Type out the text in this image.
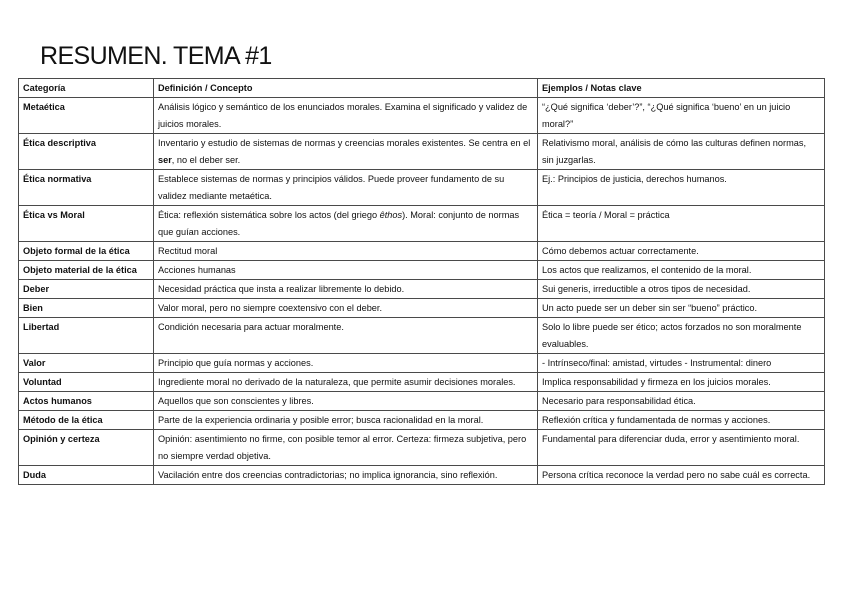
RESUMEN. TEMA #1
Categoría	Definición / Concepto	Ejemplos / Notas clave
Metaética	Análisis lógico y semántico de los enunciados morales. Examina el significado y validez de juicios morales.	“¿Qué significa ‘deber’?”, “¿Qué significa ‘bueno’ en un juicio moral?”
Ética descriptiva	Inventario y estudio de sistemas de normas y creencias morales existentes. Se centra en el ser, no el deber ser.	Relativismo moral, análisis de cómo las culturas definen normas, sin juzgarlas.
Ética normativa	Establece sistemas de normas y principios válidos. Puede proveer fundamento de su validez mediante metaética.	Ej.: Principios de justicia, derechos humanos.
Ética vs Moral	Ética: reflexión sistemática sobre los actos (del griego êthos). Moral: conjunto de normas que guían acciones.	Ética = teoría / Moral = práctica
Objeto formal de la ética	Rectitud moral	Cómo debemos actuar correctamente.
Objeto material de la ética	Acciones humanas	Los actos que realizamos, el contenido de la moral.
Deber	Necesidad práctica que insta a realizar libremente lo debido.	Sui generis, irreductible a otros tipos de necesidad.
Bien	Valor moral, pero no siempre coextensivo con el deber.	Un acto puede ser un deber sin ser “bueno” práctico.
Libertad	Condición necesaria para actuar moralmente.	Solo lo libre puede ser ético; actos forzados no son moralmente evaluables.
Valor	Principio que guía normas y acciones.	- Intrínseco/final: amistad, virtudes - Instrumental: dinero
Voluntad	Ingrediente moral no derivado de la naturaleza, que permite asumir decisiones morales.	Implica responsabilidad y firmeza en los juicios morales.
Actos humanos	Aquellos que son conscientes y libres.	Necesario para responsabilidad ética.
Método de la ética	Parte de la experiencia ordinaria y posible error; busca racionalidad en la moral.	Reflexión crítica y fundamentada de normas y acciones.
Opinión y certeza	Opinión: asentimiento no firme, con posible temor al error. Certeza: firmeza subjetiva, pero no siempre verdad objetiva.	Fundamental para diferenciar duda, error y asentimiento moral.
Duda	Vacilación entre dos creencias contradictorias; no implica ignorancia, sino reflexión.	Persona crítica reconoce la verdad pero no sabe cuál es correcta.
